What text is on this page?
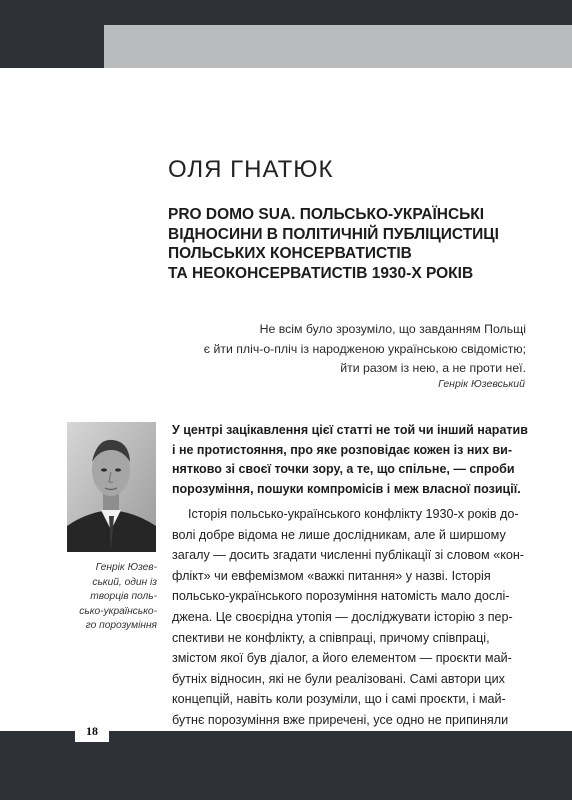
ОЛЯ ГНАТЮК
PRO DOMO SUA. ПОЛЬСЬКО-УКРАЇНСЬКІ
ВІДНОСИНИ В ПОЛІТИЧНІЙ ПУБЛІЦИСТИЦІ
ПОЛЬСЬКИХ КОНСЕРВАТИСТІВ
ТА НЕОКОНСЕРВАТИСТІВ 1930-Х РОКІВ
Не всім було зрозуміло, що завданням Польщі
є йти пліч-о-пліч із народженою українською свідомістю;
йти разом із нею, а не проти неї.
Генрік Юзевський
Генрік Юзев-
ський, один із
творців поль-
сько-українсько-
го порозуміння
У центрі зацікавлення цієї статті не той чи інший наратив
і не протистояння, про яке розповідає кожен із них ви-
нятково зі своєї точки зору, а те, що спільне, — спроби
порозуміння, пошуки компромісів і меж власної позиції.
Історія польсько-українського конфлікту 1930-х років до-
волі добре відома не лише дослідникам, але й ширшому
загалу — досить згадати численні публікації зі словом «кон-
флікт» чи евфемізмом «важкі питання» у назві. Історія
польсько-українського порозуміння натомість мало дослі-
джена. Це своєрідна утопія — досліджувати історію з пер-
спективи не конфлікту, а співпраці, причому співпраці,
змістом якої був діалог, а його елементом — проєкти май-
бутніх відносин, які не були реалізовані. Самі автори цих
концепцій, навіть коли розуміли, що і самі проєкти, і май-
бутнє порозуміння вже приречені, усе одно не припиняли
18
